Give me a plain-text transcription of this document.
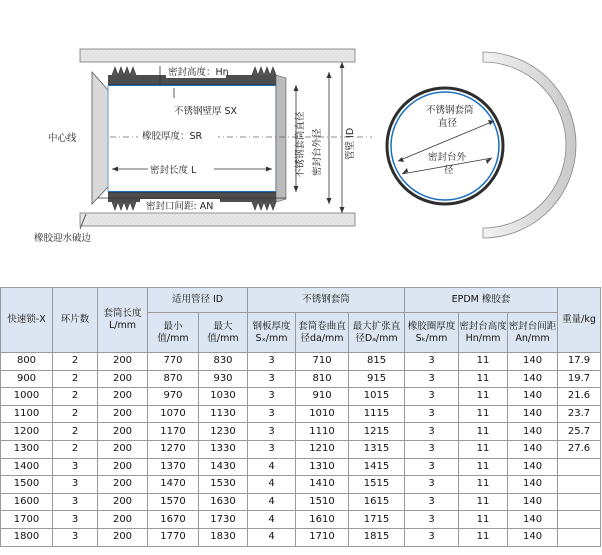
密封高度：Hn
不锈钢壁厚 SX
中心线	橡胶厚度：SR
密封长度 L
密封口间距: AN
橡胶迎水破边
不锈钢套筒直径 密封台外径 管壁 ID
不锈钢套筒直径
密封台外径
快速锁-X	环片数	套筒长度L/mm	适用管径 ID		不锈钢套筒			EPDM 橡胶套			重量/kg
			最小值/mm	最大值/mm	钢板厚度Sₓ/mm	套筒卷曲直径da/mm	最大扩张直径Dₐ/mm	橡胶圈厚度Sₖ/mm	密封台高度Hn/mm	密封台间距An/mm	
800	2	200	770	830	3	710	815	3	11	140	17.9
900	2	200	870	930	3	810	915	3	11	140	19.7
1000	2	200	970	1030	3	910	1015	3	11	140	21.6
1100	2	200	1070	1130	3	1010	1115	3	11	140	23.7
1200	2	200	1170	1230	3	1110	1215	3	11	140	25.7
1300	2	200	1270	1330	3	1210	1315	3	11	140	27.6
1400	3	200	1370	1430	4	1310	1415	3	11	140	
1500	3	200	1470	1530	4	1410	1515	3	11	140	
1600	3	200	1570	1630	4	1510	1615	3	11	140	
1700	3	200	1670	1730	4	1610	1715	3	11	140	
1800	3	200	1770	1830	4	1710	1815	3	11	140	
